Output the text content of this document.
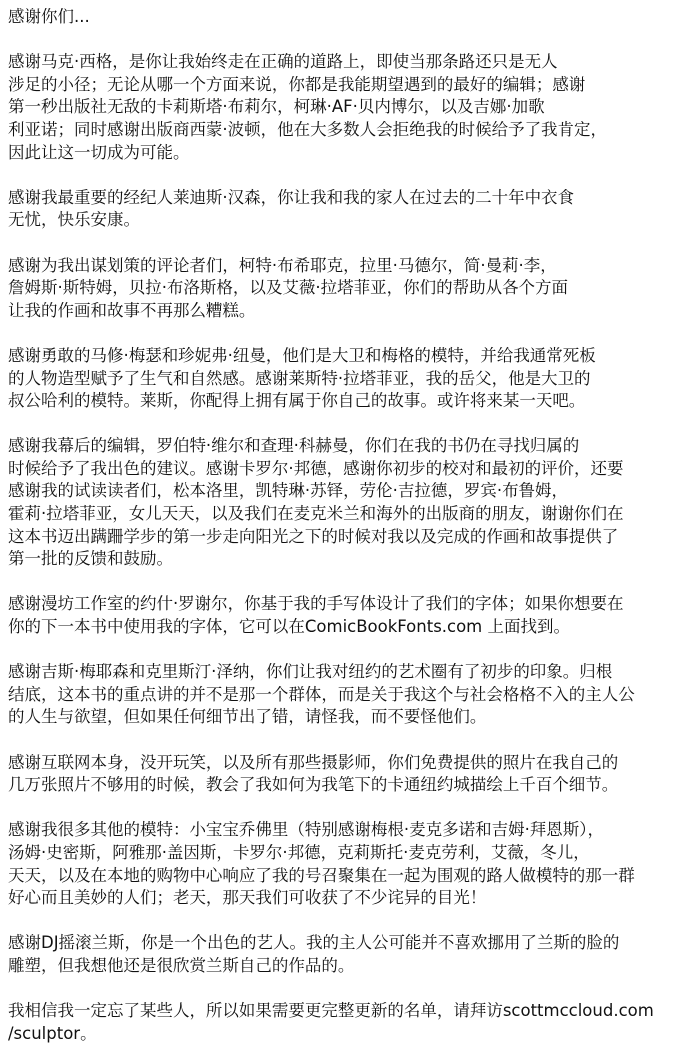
感谢你们...
感谢马克·西格，是你让我始终走在正确的道路上，即使当那条路还只是无人
涉足的小径；无论从哪一个方面来说，你都是我能期望遇到的最好的编辑；感谢
第一秒出版社无敌的卡莉斯塔·布莉尔，柯琳·AF·贝内博尔，以及吉娜·加歌
利亚诺；同时感谢出版商西蒙·波顿，他在大多数人会拒绝我的时候给予了我肯定，
因此让这一切成为可能。
感谢我最重要的经纪人莱迪斯·汉森，你让我和我的家人在过去的二十年中衣食
无忧，快乐安康。
感谢为我出谋划策的评论者们，柯特·布希耶克，拉里·马德尔，简·曼莉·李，
詹姆斯·斯特姆，贝拉·布洛斯格，以及艾薇·拉塔菲亚，你们的帮助从各个方面
让我的作画和故事不再那么糟糕。
感谢勇敢的马修·梅瑟和珍妮弗·纽曼，他们是大卫和梅格的模特，并给我通常死板
的人物造型赋予了生气和自然感。感谢莱斯特·拉塔菲亚，我的岳父，他是大卫的
叔公哈利的模特。莱斯，你配得上拥有属于你自己的故事。或许将来某一天吧。
感谢我幕后的编辑，罗伯特·维尔和查理·科赫曼，你们在我的书仍在寻找归属的
时候给予了我出色的建议。感谢卡罗尔·邦德，感谢你初步的校对和最初的评价，还要
感谢我的试读读者们，松本洛里，凯特琳·苏铎，劳伦·吉拉德，罗宾·布鲁姆，
霍莉·拉塔菲亚，女儿天天，以及我们在麦克米兰和海外的出版商的朋友，谢谢你们在
这本书迈出蹒跚学步的第一步走向阳光之下的时候对我以及完成的作画和故事提供了
第一批的反馈和鼓励。
感谢漫坊工作室的约什·罗谢尔，你基于我的手写体设计了我们的字体；如果你想要在
你的下一本书中使用我的字体，它可以在ComicBookFonts.com 上面找到。
感谢吉斯·梅耶森和克里斯汀·泽纳，你们让我对纽约的艺术圈有了初步的印象。归根
结底，这本书的重点讲的并不是那一个群体，而是关于我这个与社会格格不入的主人公
的人生与欲望，但如果任何细节出了错，请怪我，而不要怪他们。
感谢互联网本身，没开玩笑，以及所有那些摄影师，你们免费提供的照片在我自己的
几万张照片不够用的时候，教会了我如何为我笔下的卡通纽约城描绘上千百个细节。
感谢我很多其他的模特：小宝宝乔佛里（特别感谢梅根·麦克多诺和吉姆·拜恩斯），
汤姆·史密斯，阿雅那·盖因斯，卡罗尔·邦德，克莉斯托·麦克劳利，艾薇，冬儿，
天天，以及在本地的购物中心响应了我的号召聚集在一起为围观的路人做模特的那一群
好心而且美妙的人们；老天，那天我们可收获了不少诧异的目光！
感谢DJ摇滚兰斯，你是一个出色的艺人。我的主人公可能并不喜欢挪用了兰斯的脸的
雕塑，但我想他还是很欣赏兰斯自己的作品的。
我相信我一定忘了某些人，所以如果需要更完整更新的名单，请拜访scottmccloud.com
/sculptor。
